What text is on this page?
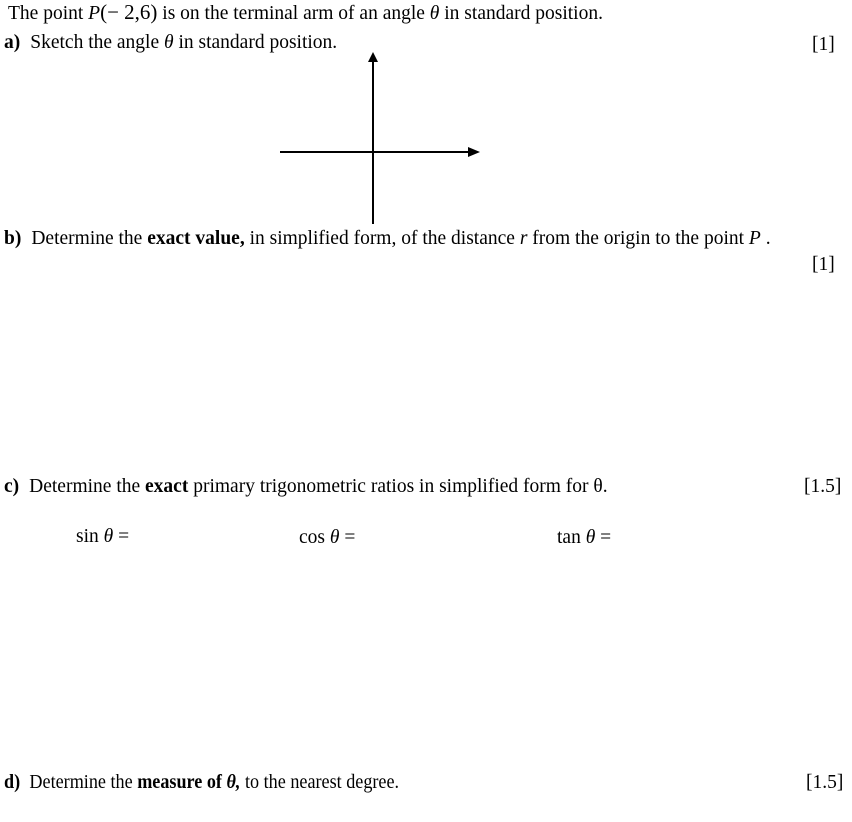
The point P(− 2,6) is on the terminal arm of an angle θ in standard position.
a) Sketch the angle θ in standard position.	[1]
b) Determine the exact value, in simplified form, of the distance r from the origin to the point P .
[1]
c) Determine the exact primary trigonometric ratios in simplified form for θ.	[1.5]
sin θ =	cos θ =	tan θ =
d) Determine the measure of θ, to the nearest degree.	[1.5]
